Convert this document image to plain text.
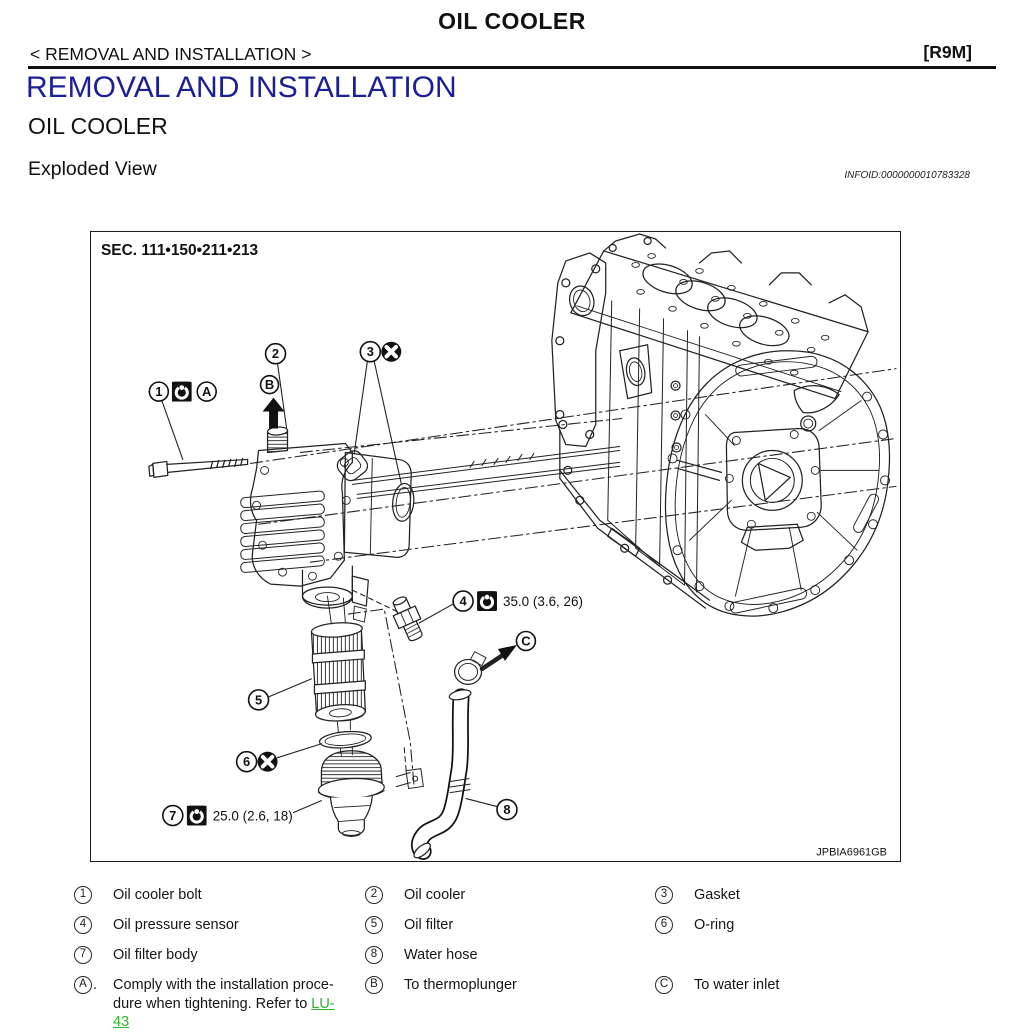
OIL COOLER
< REMOVAL AND INSTALLATION >	[R9M]
REMOVAL AND INSTALLATION
OIL COOLER
Exploded View	INFOID:0000000010783328
1	A
2
B
3
4
5
6
7	8
C
SEC. 111•150•211•213
35.0 (3.6, 26)
25.0 (2.6, 18)
JPBIA6961GB
1	Oil cooler bolt	2	Oil cooler	3	Gasket
4	Oil pressure sensor	5	Oil filter	6	O-ring
7	Oil filter body	8	Water hose
A . Comply with the installation proce-
dure when tightening. Refer to LU-
43
B	To thermoplunger	C	To water inlet
